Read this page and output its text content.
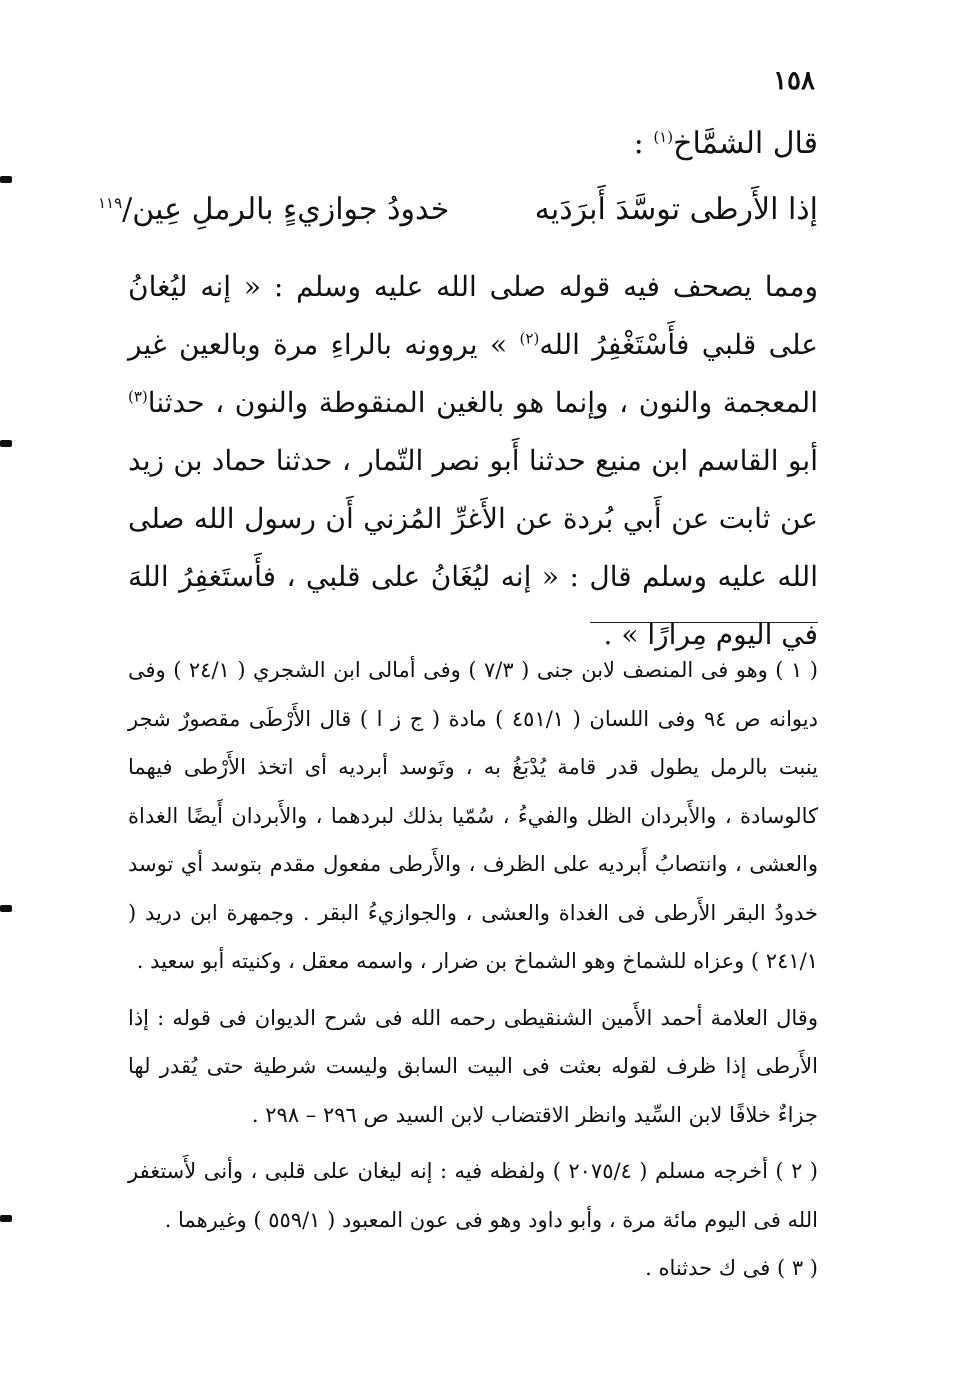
١٥٨
قال الشمَّاخ$^{(١)}$ :
إذا الأَرطى توسَّدَ أَبرَدَيه
خدودُ جوازيءٍ بالرملِ عِين/$^{١١٩}$

ومما يصحف فيه قوله صلى الله عليه وسلم : « إنه ليُغانُ على قلبي فأَسْتَغْفِرُ الله$^{(٢)}$ » يروونه بالراءِ مرة وبالعين غير المعجمة والنون ، وإنما هو بالغين المنقوطة والنون ، حدثنا$^{(٣)}$ أبو القاسم ابن منيع حدثنا أَبو نصر التّمار ، حدثنا حماد بن زيد عن ثابت عن أَبي بُردة عن الأَغرِّ المُزني أَن رسول الله صلى الله عليه وسلم قال : « إنه ليُغَانُ على قلبي ، فأَستَغفِرُ اللهَ في اليوم مِرارًا » .

( ١ ) وهو فى المنصف لابن جنى ( ٧/٣ ) وفى أمالى ابن الشجري ( ٢٤/١ ) وفى ديوانه ص ٩٤ وفى اللسان ( ٤٥١/١ ) مادة ( ج ز ا ) قال الأَرْطَى مقصورٌ شجر ينبت بالرمل يطول قدر قامة يُدْبَغُ به ، وتَوسد أبرديه أى اتخذ الأَرْطى فيهما كالوسادة ، والأَبردان الظل والفيءُ ، سُمّيا بذلك لبردهما ، والأَبردان أَيضًا الغداة والعشى ، وانتصابُ أَبرديه على الظرف ، والأَرطى مفعول مقدم بتوسد أي توسد خدودُ البقر الأَرطى فى الغداة والعشى ، والجوازيءُ البقر . وجمهرة ابن دريد ( ٢٤١/١ ) وعزاه للشماخ وهو الشماخ بن ضرار ، واسمه معقل ، وكنيته أبو سعيد .

وقال العلامة أحمد الأَمين الشنقيطى رحمه الله فى شرح الديوان فى قوله : إذا الأَرطى إذا ظرف لقوله بعثت فى البيت السابق وليست شرطية حتى يُقدر لها جزاءٌ خلافًا لابن السِّيد وانظر الاقتضاب لابن السيد ص ٢٩٦ – ٢٩٨ .

( ٢ ) أخرجه مسلم ( ٢٠٧٥/٤ ) ولفظه فيه : إنه ليغان على قلبى ، وأنى لأَستغفر الله فى اليوم مائة مرة ، وأبو داود وهو فى عون المعبود ( ٥٥٩/١ ) وغيرهما .

( ٣ ) فى ك حدثناه .
